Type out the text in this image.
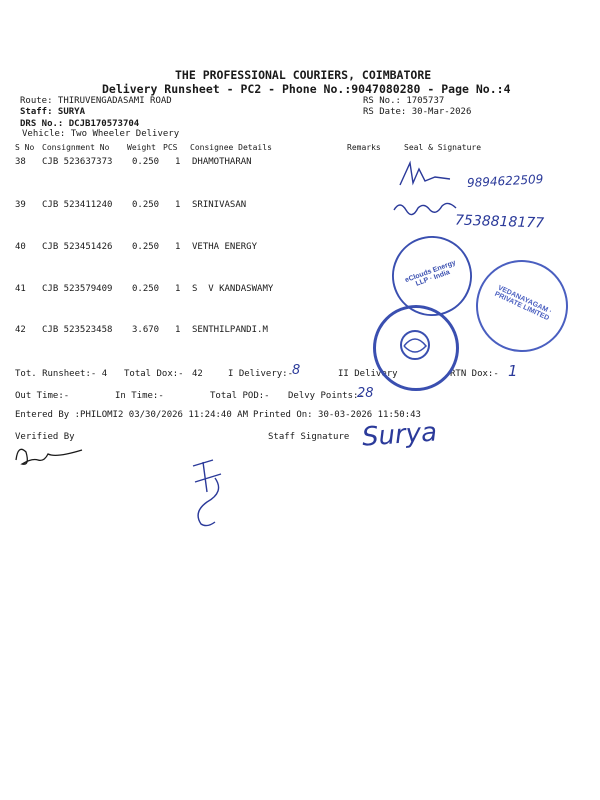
THE PROFESSIONAL COURIERS, COIMBATORE
Delivery Runsheet - PC2 - Phone No.:9047080280 - Page No.:4
Route: THIRUVENGADASAMI ROAD
Staff: SURYA
DRS No.: DCJB170573704
Vehicle: Two Wheeler Delivery
RS No.: 1705737
RS Date: 30-Mar-2026
S No Consignment No Weight PCS Consignee Details	Remarks	Seal & Signature
38 CJB 523637373 0.250 1 DHAMOTHARAN
39 CJB 523411240 0.250 1 SRINIVASAN
40 CJB 523451426 0.250 1 VETHA ENERGY
41 CJB 523579409 0.250 1 S  V KANDASWAMY
42 CJB 523523458 3.670 1 SENTHILPANDI.M
Tot. Runsheet:- 4 Total Dox:- 42	I Delivery:-	II Delivery	RTN Dox:-
Out Time:-	In Time:-	Total POD:- Delvy Points:-
Entered By :PHILOMI2 03/30/2026 11:24:40 AM Printed On: 30-03-2026 11:50:43
Verified By	Staff Signature
9894622509
7538818177
8	1
28
Surya
eClouds Energy LLP · India
VEDANAYAGAM · PRIVATE LIMITED
